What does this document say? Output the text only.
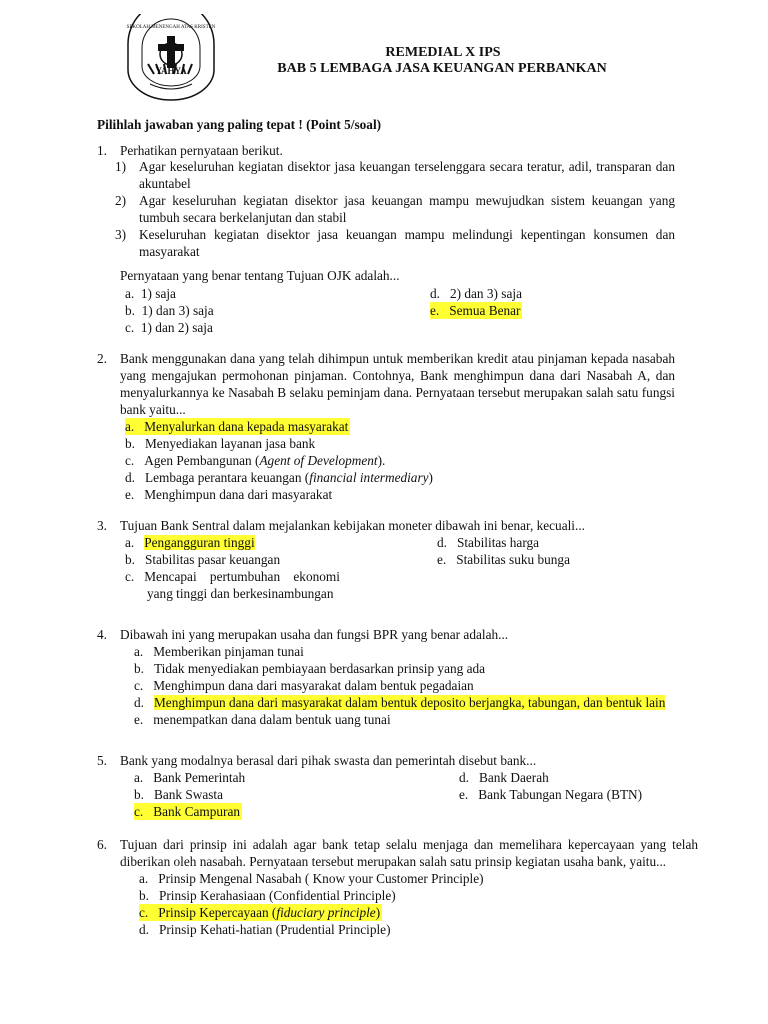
SEKOLAH MENENGAH ATAS KRISTEN
YAHYA
REMEDIAL X IPS
BAB 5 LEMBAGA JASA KEUANGAN PERBANKAN
Pilihlah jawaban yang paling tepat ! (Point 5/soal)
1. Perhatikan pernyataan berikut.
1) Agar keseluruhan kegiatan disektor jasa keuangan terselenggara secara teratur, adil, transparan dan akuntabel
2) Agar keseluruhan kegiatan disektor jasa keuangan mampu mewujudkan sistem keuangan yang tumbuh secara berkelanjutan dan stabil
3) Keseluruhan kegiatan disektor jasa keuangan mampu melindungi kepentingan konsumen dan masyarakat
Pernyataan yang benar tentang Tujuan OJK adalah...
a. 1) saja
b. 1) dan 3) saja
c. 1) dan 2) saja
d. 2) dan 3) saja
e. Semua Benar
2. Bank menggunakan dana yang telah dihimpun untuk memberikan kredit atau pinjaman kepada nasabah yang mengajukan permohonan pinjaman. Contohnya, Bank menghimpun dana dari Nasabah A, dan menyalurkannya ke Nasabah B selaku peminjam dana. Pernyataan tersebut merupakan salah satu fungsi bank yaitu...
a. Menyalurkan dana kepada masyarakat
b. Menyediakan layanan jasa bank
c. Agen Pembangunan (Agent of Development).
d. Lembaga perantara keuangan (financial intermediary)
e. Menghimpun dana dari masyarakat
3. Tujuan Bank Sentral dalam mejalankan kebijakan moneter dibawah ini benar, kecuali...
a. Pengangguran tinggi
b. Stabilitas pasar keuangan
c. Mencapai    pertumbuhan    ekonomi
yang tinggi dan berkesinambungan
d. Stabilitas harga
e. Stabilitas suku bunga
4. Dibawah ini yang merupakan usaha dan fungsi BPR yang benar adalah...
a. Memberikan pinjaman tunai
b. Tidak menyediakan pembiayaan berdasarkan prinsip yang ada
c. Menghimpun dana dari masyarakat dalam bentuk pegadaian
d. Menghimpun dana dari masyarakat dalam bentuk deposito berjangka, tabungan, dan bentuk lain
e. menempatkan dana dalam bentuk uang tunai
5. Bank yang modalnya berasal dari pihak swasta dan pemerintah disebut bank...
a. Bank Pemerintah
b. Bank Swasta
c. Bank Campuran
d. Bank Daerah
e. Bank Tabungan Negara (BTN)
6. Tujuan dari prinsip ini adalah agar bank tetap selalu menjaga dan memelihara kepercayaan yang telah diberikan oleh nasabah. Pernyataan tersebut merupakan salah satu prinsip kegiatan usaha bank, yaitu...
a. Prinsip Mengenal Nasabah ( Know your Customer Principle)
b. Prinsip Kerahasiaan (Confidential Principle)
c. Prinsip Kepercayaan (fiduciary principle)
d. Prinsip Kehati-hatian (Prudential Principle)
